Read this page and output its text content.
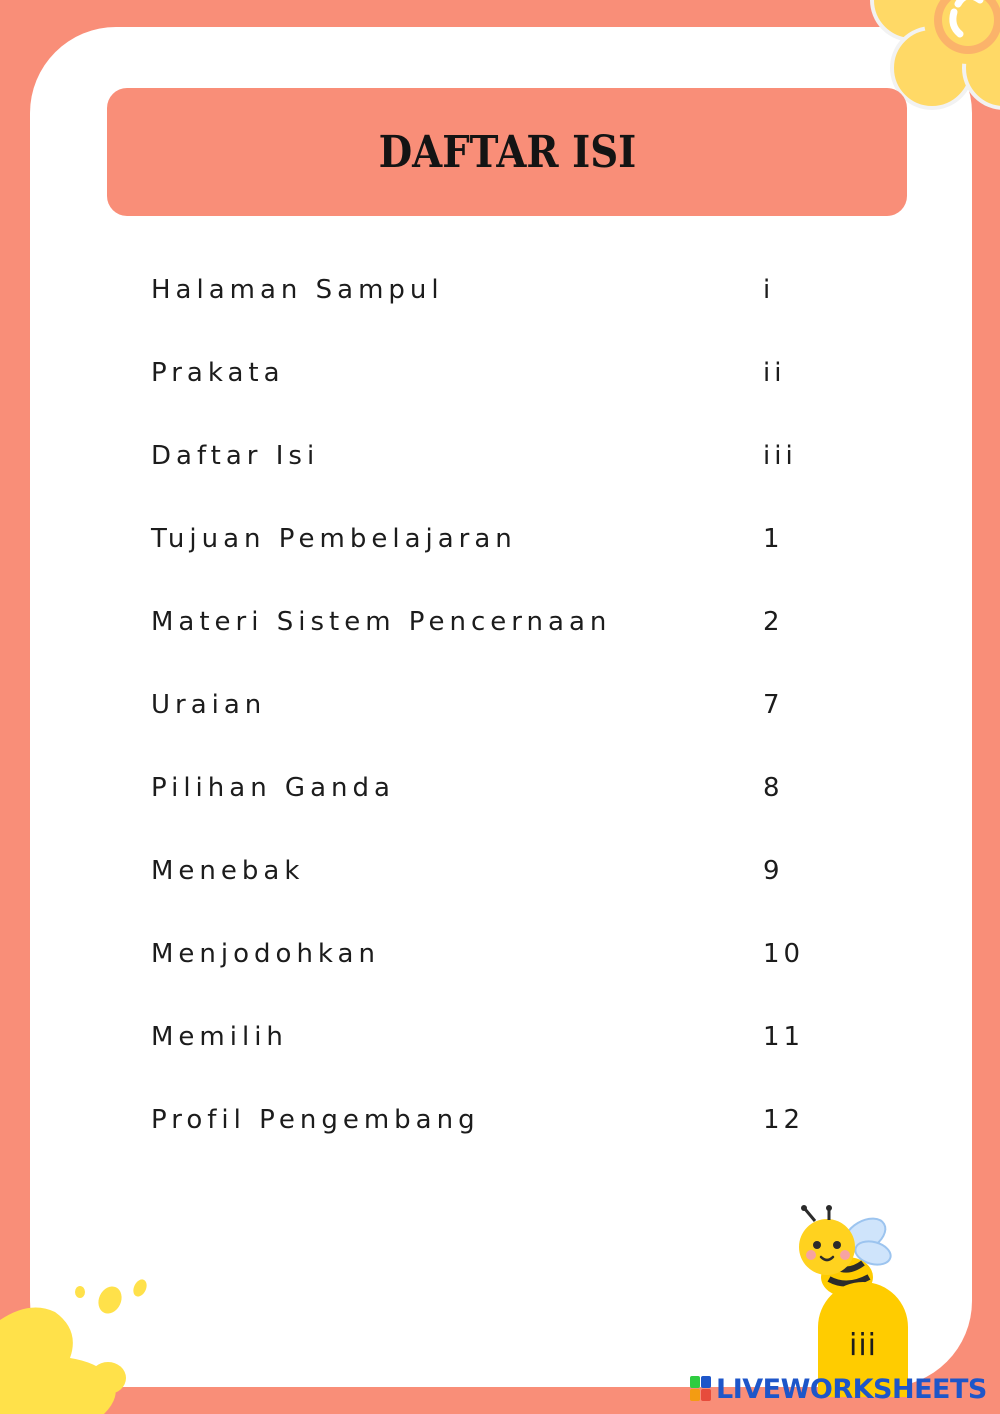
DAFTAR ISI
Halaman Sampul	i
Prakata	ii
Daftar Isi	iii
Tujuan Pembelajaran	1
Materi Sistem Pencernaan	2
Uraian	7
Pilihan Ganda	8
Menebak	9
Menjodohkan	10
Memilih	11
Profil Pengembang	12
iii
LIVEWORKSHEETS
